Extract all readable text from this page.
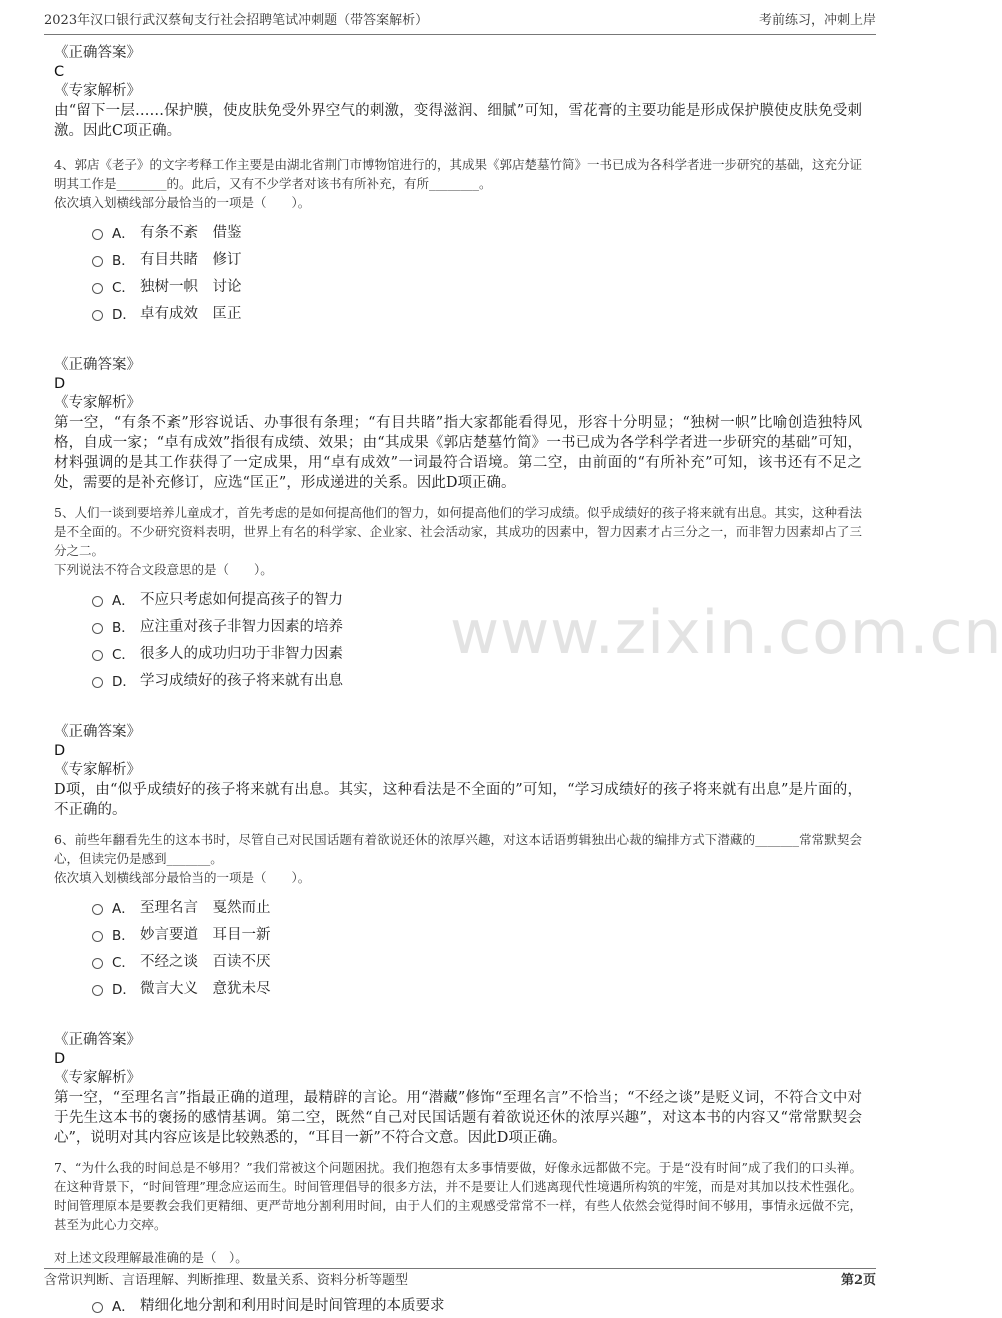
2023年汉口银行武汉蔡甸支行社会招聘笔试冲刺题（带答案解析）	考前练习，冲刺上岸
www.zixin.com.cn
《正确答案》
C
《专家解析》
由“留下一层……保护膜，使皮肤免受外界空气的刺激，变得滋润、细腻”可知，雪花膏的主要功能是形成保护膜使皮肤免受刺激。因此C项正确。
4、郭店《老子》的文字考释工作主要是由湖北省荆门市博物馆进行的，其成果《郭店楚墓竹简》一书已成为各科学者进一步研究的基础，这充分证明其工作是________的。此后，又有不少学者对该书有所补充，有所________。
依次填入划横线部分最恰当的一项是（　　）。
A． 有条不紊　借鉴
B． 有目共睹　修订
C． 独树一帜　讨论
D． 卓有成效　匡正
《正确答案》
D
《专家解析》
第一空，“有条不紊”形容说话、办事很有条理；“有目共睹”指大家都能看得见，形容十分明显；“独树一帜”比喻创造独特风格，自成一家；“卓有成效”指很有成绩、效果；由“其成果《郭店楚墓竹简》一书已成为各学科学者进一步研究的基础”可知，材料强调的是其工作获得了一定成果，用“卓有成效”一词最符合语境。第二空，由前面的“有所补充”可知，该书还有不足之处，需要的是补充修订，应选“匡正”，形成递进的关系。因此D项正确。
5、人们一谈到要培养儿童成才，首先考虑的是如何提高他们的智力，如何提高他们的学习成绩。似乎成绩好的孩子将来就有出息。其实，这种看法是不全面的。不少研究资料表明，世界上有名的科学家、企业家、社会活动家，其成功的因素中，智力因素才占三分之一，而非智力因素却占了三分之二。
下列说法不符合文段意思的是（　　）。
A． 不应只考虑如何提高孩子的智力
B． 应注重对孩子非智力因素的培养
C． 很多人的成功归功于非智力因素
D． 学习成绩好的孩子将来就有出息
《正确答案》
D
《专家解析》
D项，由“似乎成绩好的孩子将来就有出息。其实，这种看法是不全面的”可知，“学习成绩好的孩子将来就有出息”是片面的，不正确的。
6、前些年翻看先生的这本书时，尽管自己对民国话题有着欲说还休的浓厚兴趣，对这本话语剪辑独出心裁的编排方式下潜藏的_______常常默契会心，但读完仍是感到_______。
依次填入划横线部分最恰当的一项是（　　）。
A． 至理名言　戛然而止
B． 妙言要道　耳目一新
C． 不经之谈　百读不厌
D． 微言大义　意犹未尽
《正确答案》
D
《专家解析》
第一空，“至理名言”指最正确的道理，最精辟的言论。用“潜藏”修饰“至理名言”不恰当；“不经之谈”是贬义词，不符合文中对于先生这本书的褒扬的感情基调。第二空，既然“自己对民国话题有着欲说还休的浓厚兴趣”，对这本书的内容又“常常默契会心”，说明对其内容应该是比较熟悉的，“耳目一新”不符合文意。因此D项正确。
7、“为什么我的时间总是不够用？”我们常被这个问题困扰。我们抱怨有太多事情要做，好像永远都做不完。于是“没有时间”成了我们的口头禅。在这种背景下，“时间管理”理念应运而生。时间管理倡导的很多方法，并不是要让人们逃离现代性境遇所构筑的牢笼，而是对其加以技术性强化。时间管理原本是要教会我们更精细、更严苛地分割利用时间，由于人们的主观感受常常不一样，有些人依然会觉得时间不够用，事情永远做不完，甚至为此心力交瘁。
对上述文段理解最准确的是（　）。
A． 精细化地分割和利用时间是时间管理的本质要求
含常识判断、言语理解、判断推理、数量关系、资料分析等题型	第2页
